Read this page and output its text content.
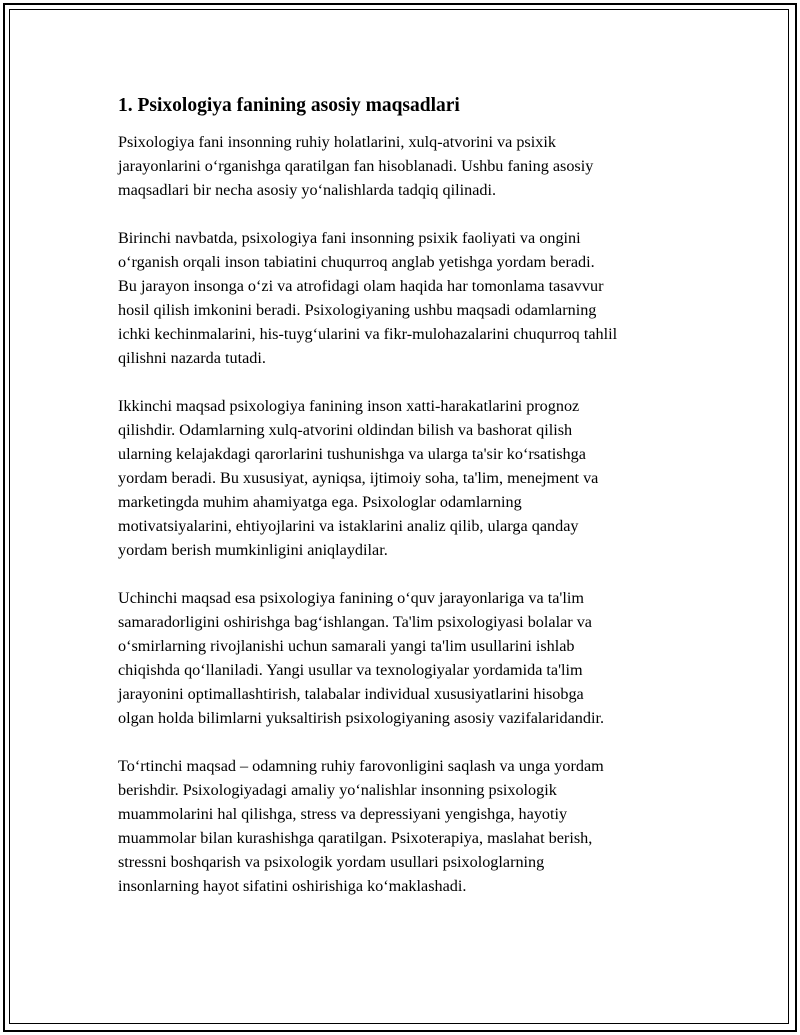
1. Psixologiya fanining asosiy maqsadlari

Psixologiya fani insonning ruhiy holatlarini, xulq-atvorini va psixik
jarayonlarini o‘rganishga qaratilgan fan hisoblanadi. Ushbu faning asosiy
maqsadlari bir necha asosiy yo‘nalishlarda tadqiq qilinadi.

Birinchi navbatda, psixologiya fani insonning psixik faoliyati va ongini
o‘rganish orqali inson tabiatini chuqurroq anglab yetishga yordam beradi.
Bu jarayon insonga o‘zi va atrofidagi olam haqida har tomonlama tasavvur
hosil qilish imkonini beradi. Psixologiyaning ushbu maqsadi odamlarning
ichki kechinmalarini, his-tuyg‘ularini va fikr-mulohazalarini chuqurroq tahlil
qilishni nazarda tutadi.

Ikkinchi maqsad psixologiya fanining inson xatti-harakatlarini prognoz
qilishdir. Odamlarning xulq-atvorini oldindan bilish va bashorat qilish
ularning kelajakdagi qarorlarini tushunishga va ularga ta'sir ko‘rsatishga
yordam beradi. Bu xususiyat, ayniqsa, ijtimoiy soha, ta'lim, menejment va
marketingda muhim ahamiyatga ega. Psixologlar odamlarning
motivatsiyalarini, ehtiyojlarini va istaklarini analiz qilib, ularga qanday
yordam berish mumkinligini aniqlaydilar.

Uchinchi maqsad esa psixologiya fanining o‘quv jarayonlariga va ta'lim
samaradorligini oshirishga bag‘ishlangan. Ta'lim psixologiyasi bolalar va
o‘smirlarning rivojlanishi uchun samarali yangi ta'lim usullarini ishlab
chiqishda qo‘llaniladi. Yangi usullar va texnologiyalar yordamida ta'lim
jarayonini optimallashtirish, talabalar individual xususiyatlarini hisobga
olgan holda bilimlarni yuksaltirish psixologiyaning asosiy vazifalaridandir.

To‘rtinchi maqsad – odamning ruhiy farovonligini saqlash va unga yordam
berishdir. Psixologiyadagi amaliy yo‘nalishlar insonning psixologik
muammolarini hal qilishga, stress va depressiyani yengishga, hayotiy
muammolar bilan kurashishga qaratilgan. Psixoterapiya, maslahat berish,
stressni boshqarish va psixologik yordam usullari psixologlarning
insonlarning hayot sifatini oshirishiga ko‘maklashadi.
